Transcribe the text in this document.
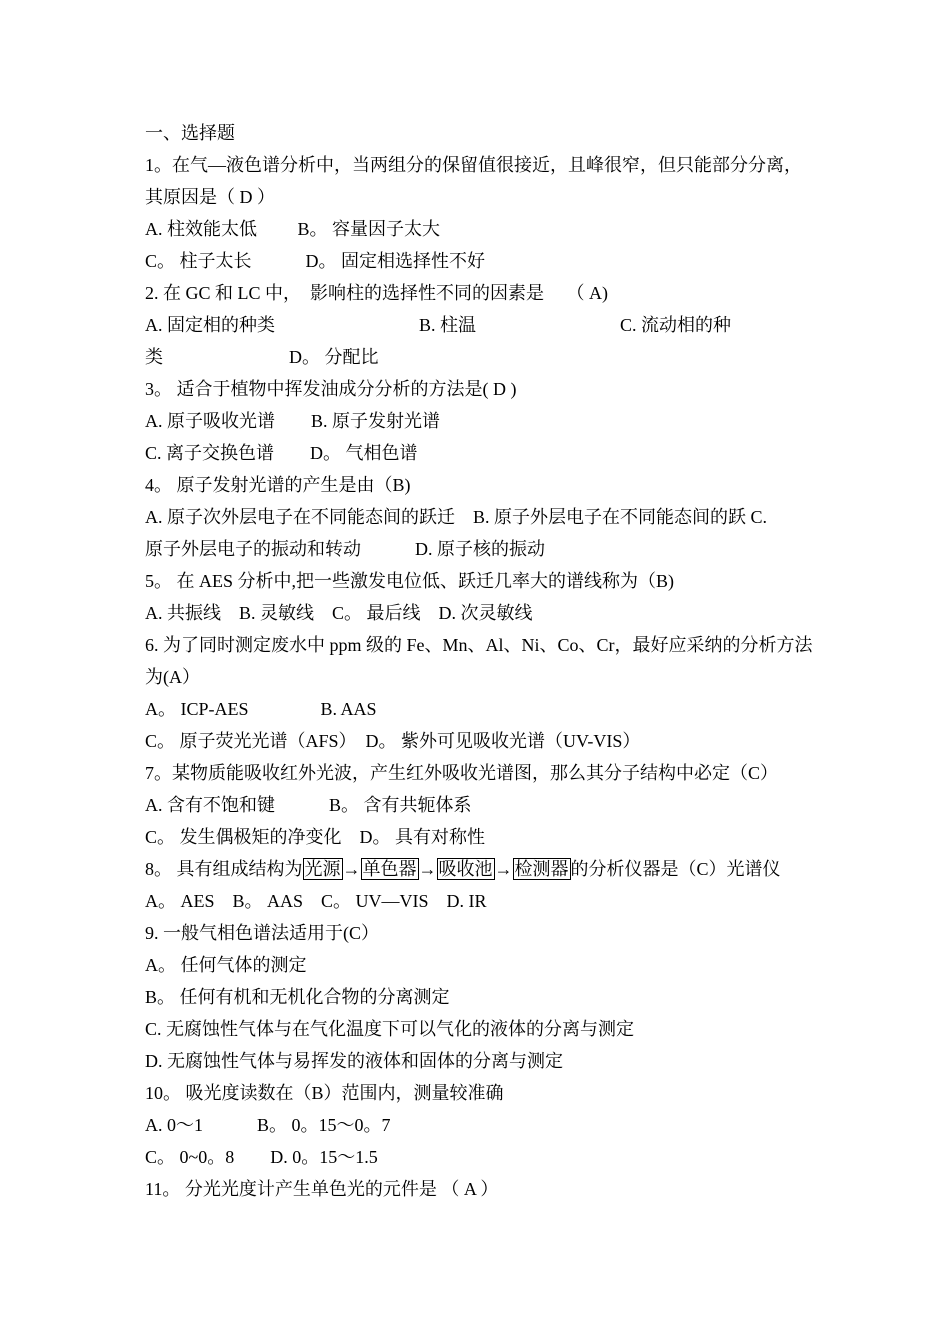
一、选择题
1。在气—液色谱分析中，当两组分的保留值很接近，且峰很窄，但只能部分分离，
其原因是（ D ）
A. 柱效能太低　　 B。 容量因子太大
C。 柱子太长　　　D。 固定相选择性不好
2. 在 GC 和 LC 中，　影响柱的选择性不同的因素是　 （ A)
A. 固定相的种类　　　　　　　　B. 柱温　　　　　　　　C. 流动相的种
类　　　　　　　D。 分配比
3。 适合于植物中挥发油成分分析的方法是( D )
A. 原子吸收光谱　　B. 原子发射光谱
C. 离子交换色谱　　D。 气相色谱
4。 原子发射光谱的产生是由（B)
A. 原子次外层电子在不同能态间的跃迁　B. 原子外层电子在不同能态间的跃 C.
原子外层电子的振动和转动　　　D. 原子核的振动
5。 在 AES 分析中,把一些激发电位低、跃迁几率大的谱线称为（B)
A. 共振线　B. 灵敏线　C。 最后线　D. 次灵敏线
6. 为了同时测定废水中 ppm 级的 Fe、Mn、Al、Ni、Co、Cr，最好应采纳的分析方法
为(A）
A。 ICP-AES　　　　B. AAS
C。 原子荧光光谱（AFS）　D。 紫外可见吸收光谱（UV-VIS）
7。某物质能吸收红外光波，产生红外吸收光谱图，那么其分子结构中必定（C）
A. 含有不饱和键　　　B。 含有共轭体系
C。 发生偶极矩的净变化　D。 具有对称性
8。 具有组成结构为 光源 → 单色器 → 吸收池 → 检测器 的分析仪器是（C）光谱仪
A。 AES　B。 AAS　C。 UV—VIS　D. IR
9. 一般气相色谱法适用于(C）
A。 任何气体的测定
B。 任何有机和无机化合物的分离测定
C. 无腐蚀性气体与在气化温度下可以气化的液体的分离与测定
D. 无腐蚀性气体与易挥发的液体和固体的分离与测定
10。 吸光度读数在（B）范围内，测量较准确
A. 0～1　　　B。 0。15～0。7
C。 0~0。8　　D. 0。15～1.5
11。 分光光度计产生单色光的元件是 （ A ）
